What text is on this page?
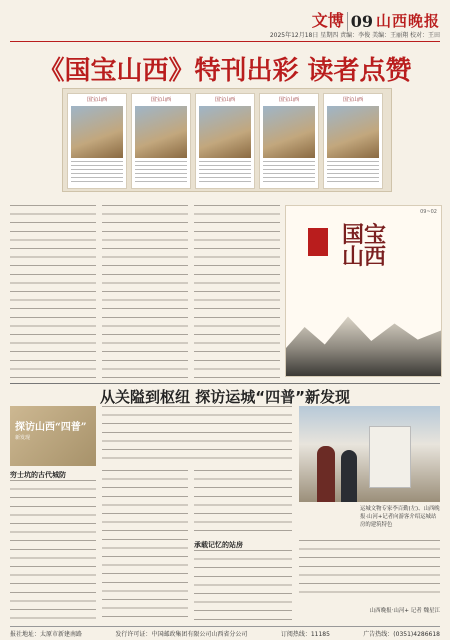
文博 09 山西晚报
2025年12月18日 星期四 责编：李俊 美编：王丽翔 校对：王田
《国宝山西》特刊出彩 读者点赞
国宝山西	国宝山西	国宝山西	国宝山西	国宝山西
09~02
国宝山西
从关隘到枢纽 探访运城“四普”新发现
探访山西“四普”
新发现
穷士坑的古代城防
承载记忆的站房
运城文物专家李百勤(左)、山西晚报·山河+记者向游客介绍运城站房的建筑特色
山西晚报·山河+ 记者 魏星江
报社地址：太原市新建南路	发行许可证：中国邮政集团有限公司山西省分公司	订阅热线：11185	广告热线：(0351)4286618
